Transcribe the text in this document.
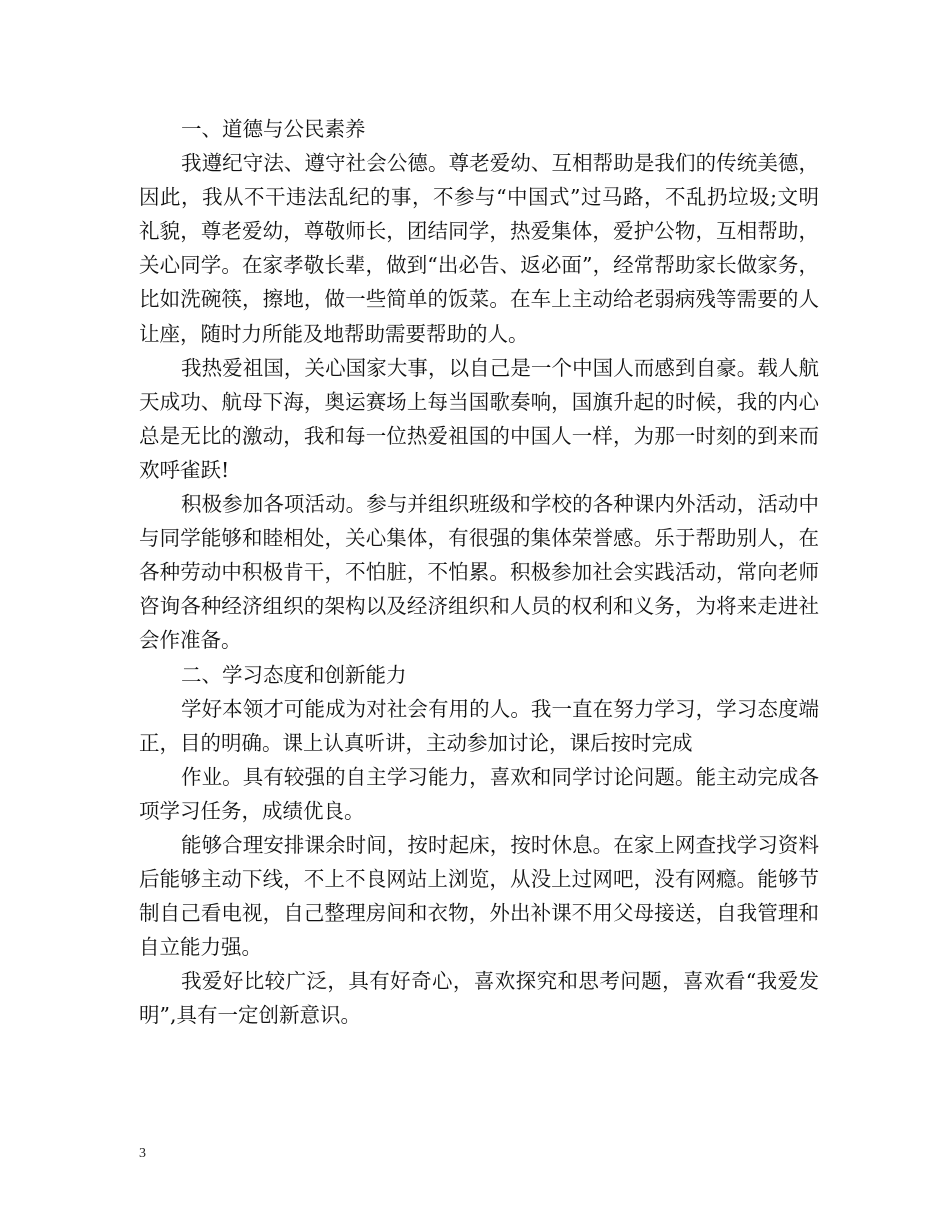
一、道德与公民素养

我遵纪守法、遵守社会公德。尊老爱幼、互相帮助是我们的传统美德，因此，我从不干违法乱纪的事，不参与“中国式”过马路，不乱扔垃圾;文明礼貌，尊老爱幼，尊敬师长，团结同学，热爱集体，爱护公物，互相帮助，关心同学。在家孝敬长辈，做到“出必告、返必面”，经常帮助家长做家务，比如洗碗筷，擦地，做一些简单的饭菜。在车上主动给老弱病残等需要的人让座，随时力所能及地帮助需要帮助的人。

我热爱祖国，关心国家大事，以自己是一个中国人而感到自豪。载人航天成功、航母下海，奥运赛场上每当国歌奏响，国旗升起的时候，我的内心总是无比的激动，我和每一位热爱祖国的中国人一样，为那一时刻的到来而欢呼雀跃!

积极参加各项活动。参与并组织班级和学校的各种课内外活动，活动中与同学能够和睦相处，关心集体，有很强的集体荣誉感。乐于帮助别人，在各种劳动中积极肯干，不怕脏，不怕累。积极参加社会实践活动，常向老师咨询各种经济组织的架构以及经济组织和人员的权利和义务，为将来走进社会作准备。

二、学习态度和创新能力

学好本领才可能成为对社会有用的人。我一直在努力学习，学习态度端正，目的明确。课上认真听讲，主动参加讨论，课后按时完成

作业。具有较强的自主学习能力，喜欢和同学讨论问题。能主动完成各项学习任务，成绩优良。

能够合理安排课余时间，按时起床，按时休息。在家上网查找学习资料后能够主动下线，不上不良网站上浏览，从没上过网吧，没有网瘾。能够节制自己看电视，自己整理房间和衣物，外出补课不用父母接送，自我管理和自立能力强。

我爱好比较广泛，具有好奇心，喜欢探究和思考问题，喜欢看“我爱发明”,具有一定创新意识。

3
